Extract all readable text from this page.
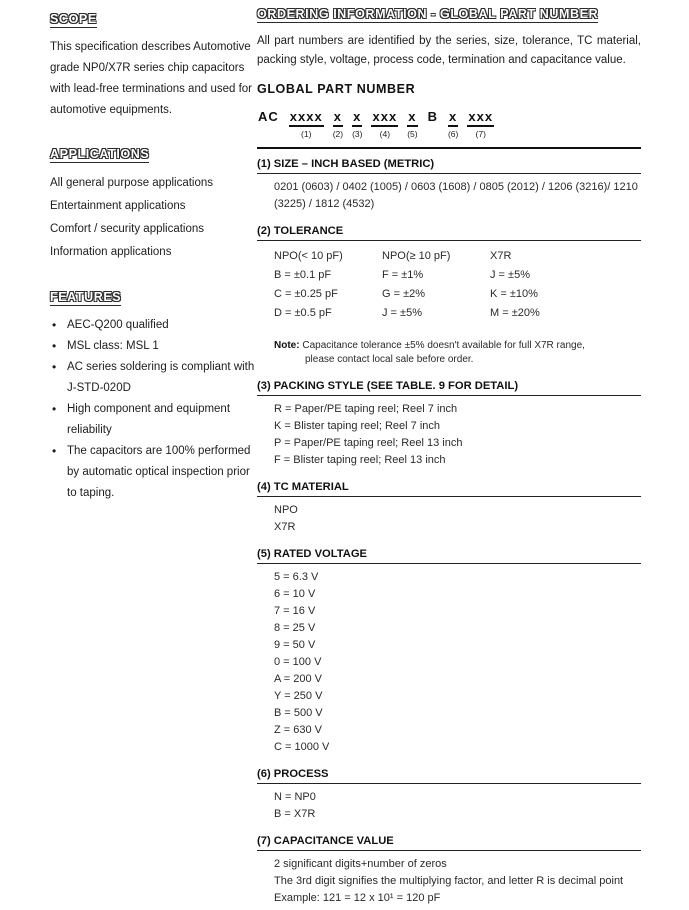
SCOPE
This specification describes Automotive grade NP0/X7R series chip capacitors with lead-free terminations and used for automotive equipments.
APPLICATIONS
All general purpose applications
Entertainment applications
Comfort / security applications
Information applications
FEATURES
• AEC-Q200 qualified
• MSL class: MSL 1
• AC series soldering is compliant with J-STD-020D
• High component and equipment reliability
• The capacitors are 100% performed by automatic optical inspection prior to taping.
ORDERING INFORMATION - GLOBAL PART NUMBER
All part numbers are identified by the series, size, tolerance, TC material, packing style, voltage, process code, termination and capacitance value.
GLOBAL PART NUMBER
AC xxxx
(1)
x
(2)
x
(3)
xxx
(4)
x
(5)
B x
(6)
xxx
(7)
(1) SIZE – INCH BASED (METRIC)
0201 (0603) / 0402 (1005) / 0603 (1608) / 0805 (2012) / 1206 (3216)/ 1210 (3225) / 1812 (4532)
(2) TOLERANCE
NPO(< 10 pF)
B = ±0.1 pF
C = ±0.25 pF
D = ±0.5 pF
NPO(≥ 10 pF)
F = ±1%
G = ±2%
J = ±5%
X7R
J = ±5%
K = ±10%
M = ±20%
Note: Capacitance tolerance ±5% doesn't available for full X7R range,
please contact local sale before order.
(3) PACKING STYLE (SEE TABLE. 9 FOR DETAIL)
R = Paper/PE taping reel; Reel 7 inch
K = Blister taping reel; Reel 7 inch
P = Paper/PE taping reel; Reel 13 inch
F = Blister taping reel; Reel 13 inch
(4) TC MATERIAL
NPO
X7R
(5) RATED VOLTAGE
5 = 6.3 V
6 = 10 V
7 = 16 V
8 = 25 V
9 = 50 V
0 = 100 V
A = 200 V
Y = 250 V
B = 500 V
Z = 630 V
C = 1000 V
(6) PROCESS
N = NP0
B = X7R
(7) CAPACITANCE VALUE
2 significant digits+number of zeros
The 3rd digit signifies the multiplying factor, and letter R is decimal point
Example: 121 = 12 x 10¹ = 120 pF
